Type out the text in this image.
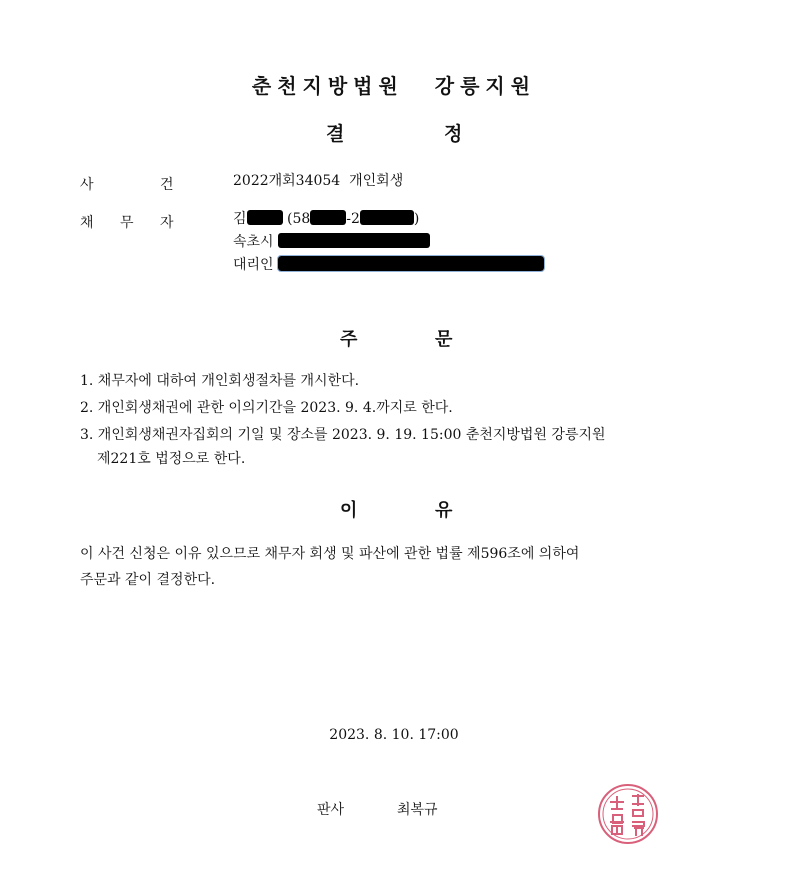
춘천지방법원 강릉지원
결	정
사	건	2022개회34054 개인회생
채 무 자	김	(58	-2	)
속초시
대리인
주	문
1. 채무자에 대하여 개인회생절차를 개시한다.
2. 개인회생채권에 관한 이의기간을 2023. 9. 4.까지로 한다.
3. 개인회생채권자집회의 기일 및 장소를 2023. 9. 19. 15:00 춘천지방법원 강릉지원
제221호 법정으로 한다.
이	유
이 사건 신청은 이유 있으므로 채무자 회생 및 파산에 관한 법률 제596조에 의하여
주문과 같이 결정한다.
2023. 8. 10. 17:00
판사	최복규
